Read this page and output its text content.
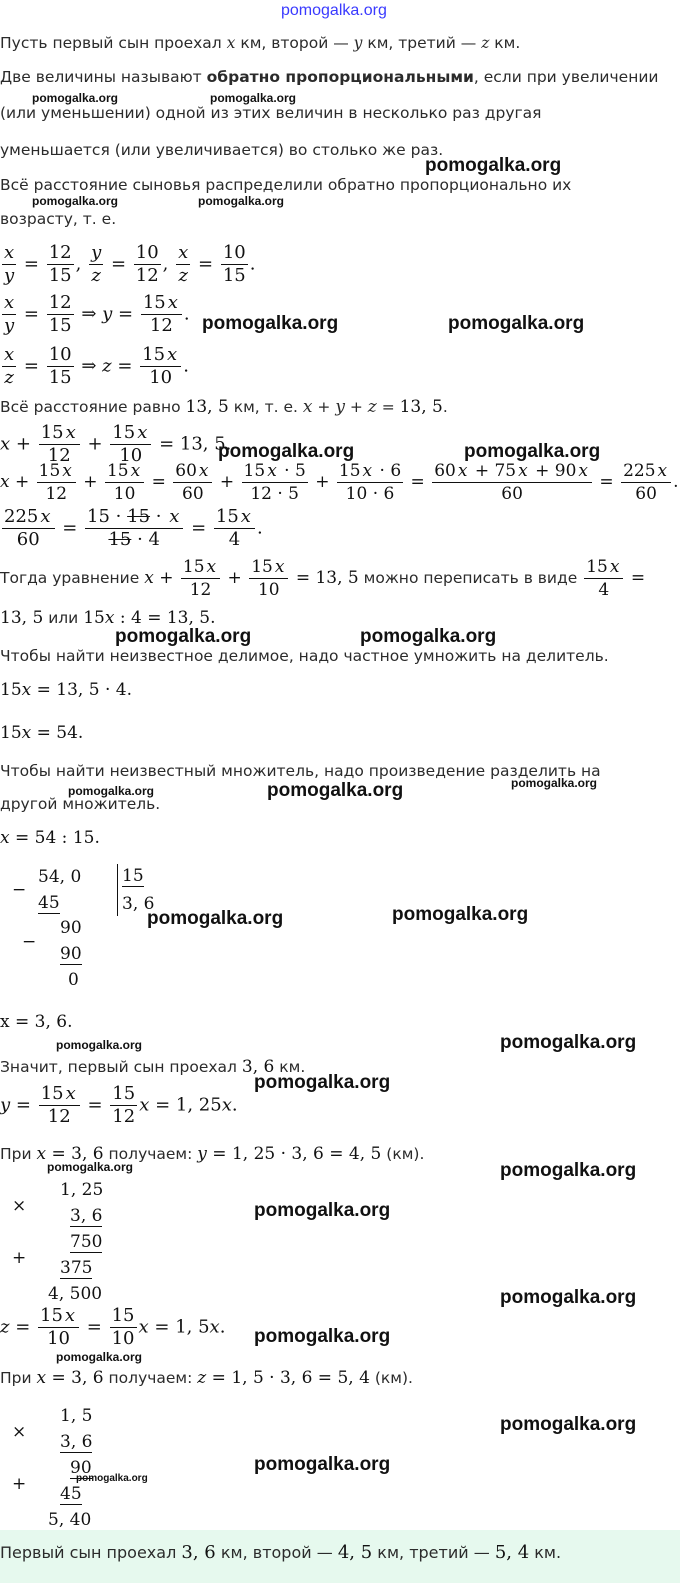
pomogalka.org
Пусть первый сын проехал x км, второй — y км, третий — z км.
Две величины называют обратно пропорциональными, если при увеличении
pomogalka.org	pomogalka.org
(или уменьшении) одной из этих величин в несколько раз другая
уменьшается (или увеличивается) во столько же раз.
pomogalka.org
Всё расстояние сыновья распределили обратно пропорционально их
pomogalka.org	pomogalka.org
возрасту, т. е.
$\frac{x}{y} = \frac{12}{15}$ , $\frac{y}{z} = \frac{10}{12}$ , $\frac{x}{z} = \frac{10}{15}$ .
$\frac{x}{y} = \frac{12}{15}$ ⇒ $y = \frac{15 x}{12}$ . pomogalka.org	pomogalka.org
$\frac{x}{z} = \frac{10}{15}$ ⇒ $z = \frac{15 x}{10}$ .
Всё расстояние равно 13, 5 км, т. е. x + y + z = 13, 5.
$x + \frac{15 x}{12} + \frac{15 x}{10} = 13$, 5.
pomogalka.org	pomogalka.org
$x + \frac{15 x}{12} + \frac{15 x}{10} = \frac{60 x}{60} + \frac{15 x \cdot 5}{12 \cdot 5} + \frac{15 x \cdot 6}{10 \cdot 6} = \frac{60 x + 75 x + 90 x}{60} = \frac{225 x}{60}$ .
$\frac{225 x}{60} = \frac{15 \cdot 15 \cdot x}{15 \cdot 4} = \frac{15 x}{4}$ .
Тогда уравнение $x + \frac{15 x}{12} + \frac{15 x}{10} = 13$, 5 можно переписать в виде $\frac{15 x}{4}$ =
13, 5 или 15x : 4 = 13, 5.
pomogalka.org	pomogalka.org
Чтобы найти неизвестное делимое, надо частное умножить на делитель.
15x = 13, 5 · 4.
15x = 54.
Чтобы найти неизвестный множитель, надо произведение разделить на
другой множитель.
pomogalka.org	pomogalka.org	pomogalka.org
x = 54 : 15.
−
54, 0
45
15
3, 6
−
90
90
0
pomogalka.org	pomogalka.org
x = 3, 6.
pomogalka.org	pomogalka.org
Значит, первый сын проехал 3, 6 км.
pomogalka.org
$y = \frac{15 x}{12} = \frac{15}{12}$ x = 1, 25x.
При x = 3, 6 получаем: y = 1, 25 · 3, 6 = 4, 5 (км).
pomogalka.org	pomogalka.org
×
1, 25
3, 6
750
+ 375
4, 500
pomogalka.org
pomogalka.org
$z = \frac{15 x}{10} = \frac{15}{10}$ x = 1, 5x. pomogalka.org
pomogalka.org
При x = 3, 6 получаем: z = 1, 5 · 3, 6 = 5, 4 (км).
×
1, 5
3, 6
90
+ 45
5, 40
pomogalka.org
pomogalka.org
pomogalka.org
Первый сын проехал 3, 6 км, второй — 4, 5 км, третий — 5, 4 км.
